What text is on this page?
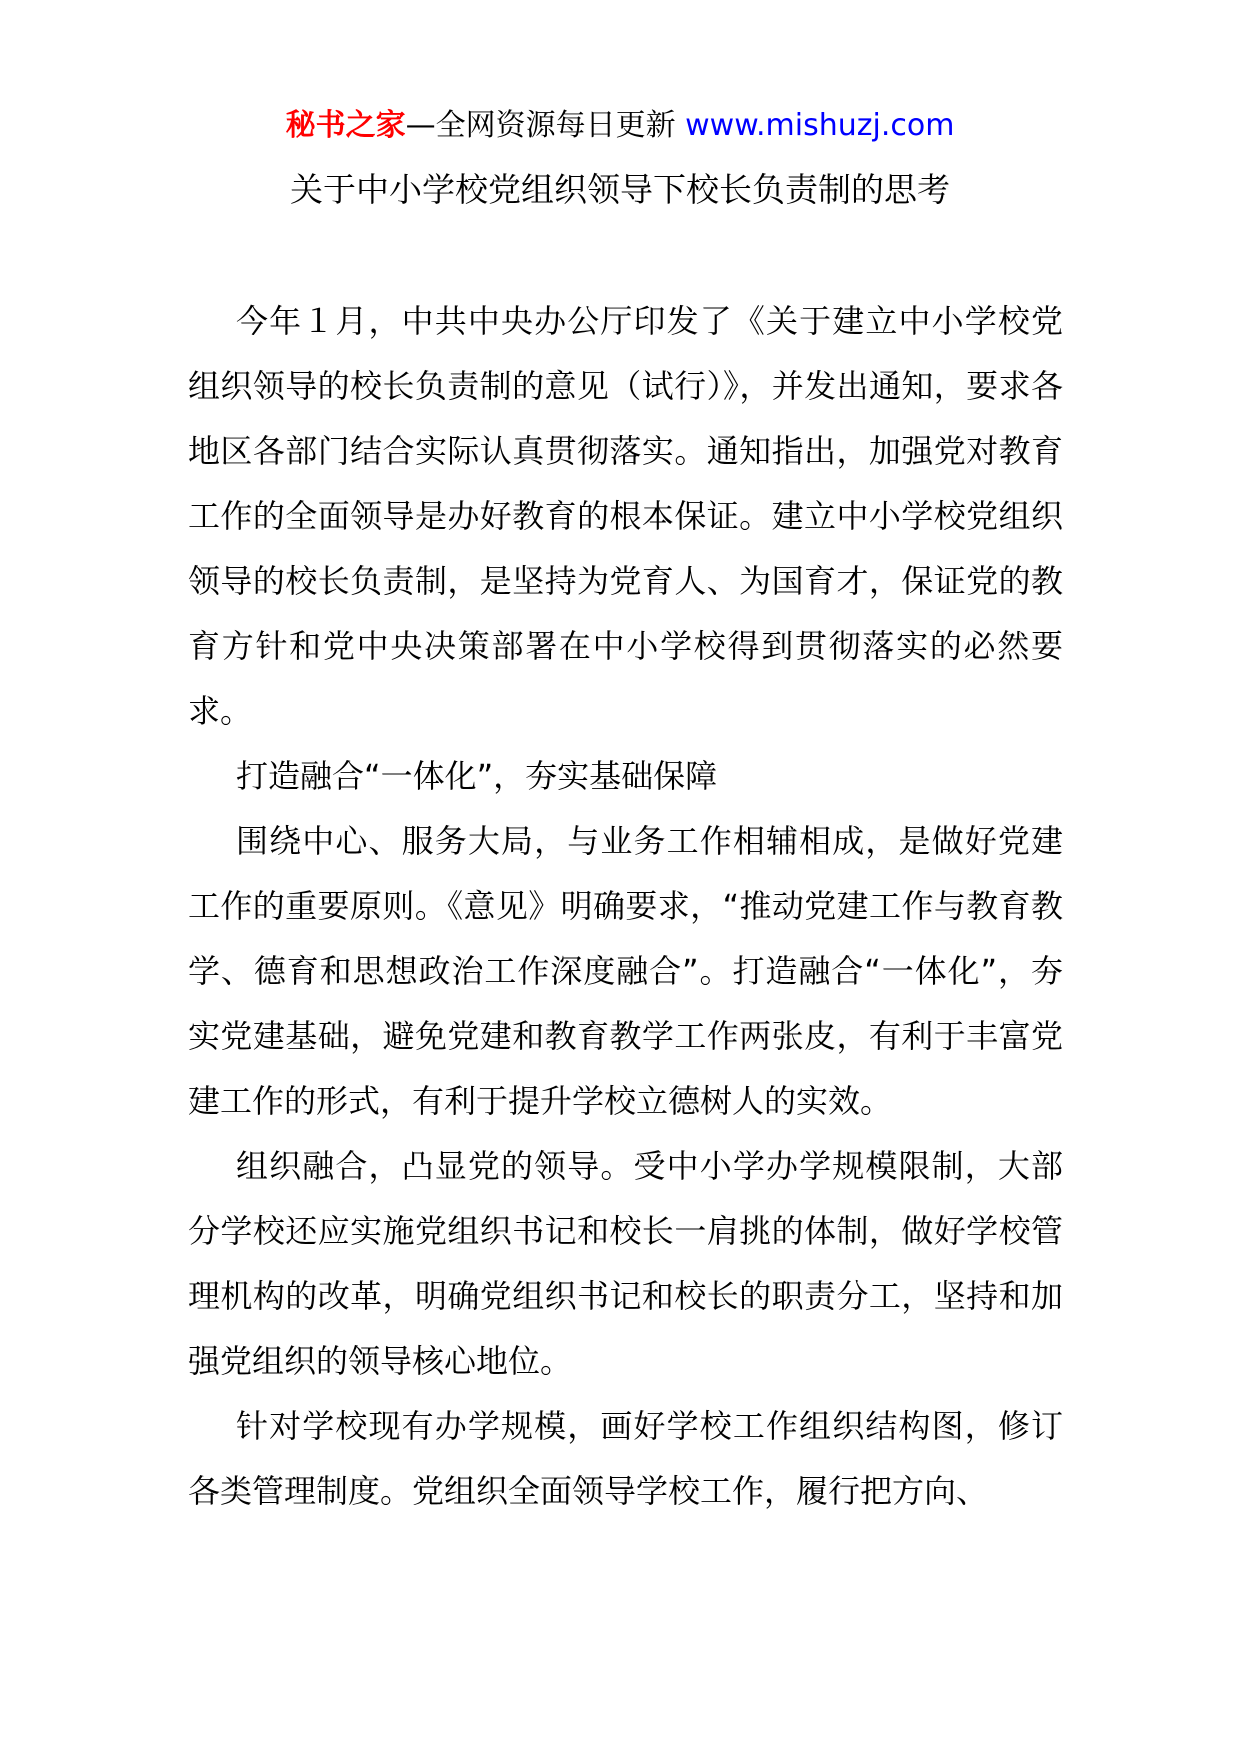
秘书之家—全网资源每日更新 www.mishuzj.com
关于中小学校党组织领导下校长负责制的思考

今年１月，中共中央办公厅印发了《关于建立中小学校党组织领导的校长负责制的意见（试行）》，并发出通知，要求各地区各部门结合实际认真贯彻落实。通知指出，加强党对教育工作的全面领导是办好教育的根本保证。建立中小学校党组织领导的校长负责制，是坚持为党育人、为国育才，保证党的教育方针和党中央决策部署在中小学校得到贯彻落实的必然要求。

打造融合“一体化”，夯实基础保障

围绕中心、服务大局，与业务工作相辅相成，是做好党建工作的重要原则。《意见》明确要求，“推动党建工作与教育教学、德育和思想政治工作深度融合”。打造融合“一体化”，夯实党建基础，避免党建和教育教学工作两张皮，有利于丰富党建工作的形式，有利于提升学校立德树人的实效。

组织融合，凸显党的领导。受中小学办学规模限制，大部分学校还应实施党组织书记和校长一肩挑的体制，做好学校管理机构的改革，明确党组织书记和校长的职责分工，坚持和加强党组织的领导核心地位。

针对学校现有办学规模，画好学校工作组织结构图，修订各类管理制度。党组织全面领导学校工作，履行把方向、
